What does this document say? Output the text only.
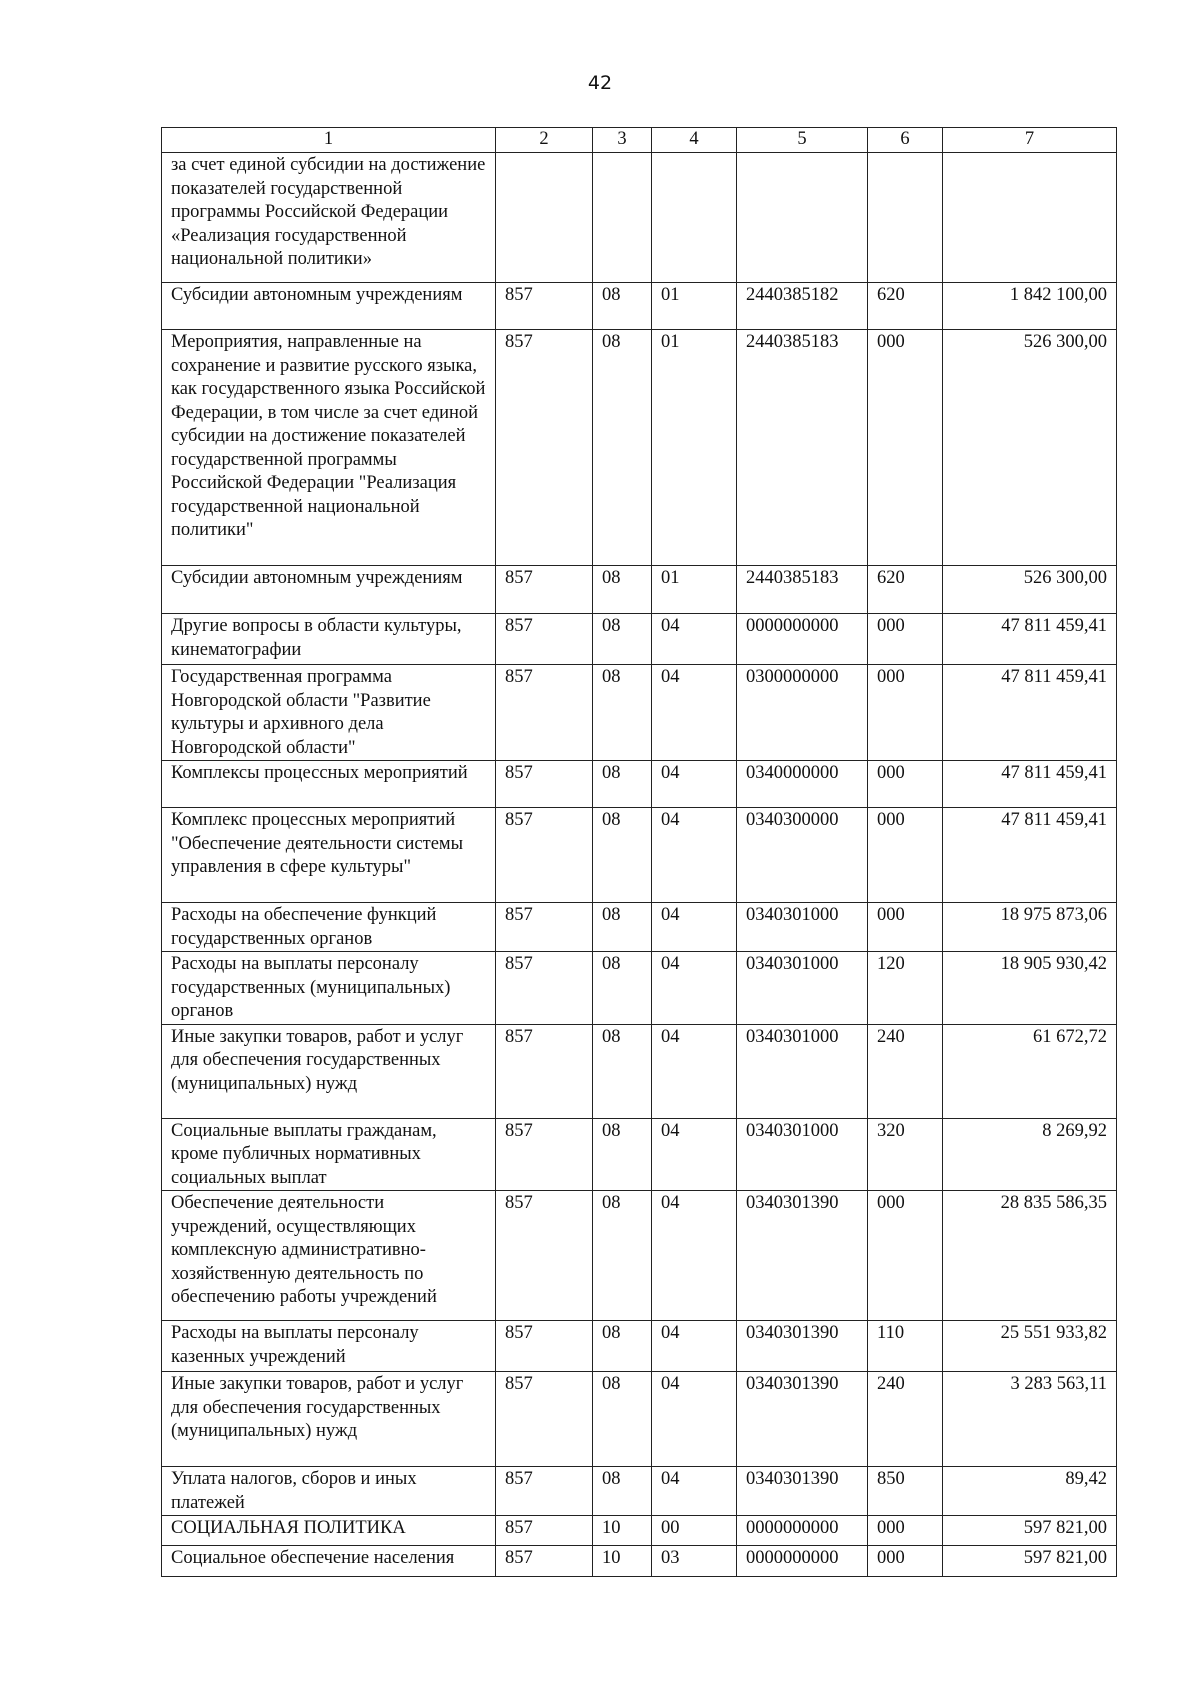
42
1	2	3	4	5	6	7
за счет единой субсидии на достижение показателей государственной программы Российской Федерации «Реализация государственной национальной политики»						
Субсидии автономным учреждениям	857	08	01	2440385182	620	1 842 100,00
Мероприятия, направленные на сохранение и развитие русского языка, как государственного языка Российской Федерации, в том числе за счет единой субсидии на достижение показателей государственной программы Российской Федерации "Реализация государственной национальной политики"	857	08	01	2440385183	000	526 300,00
Субсидии автономным учреждениям	857	08	01	2440385183	620	526 300,00
Другие вопросы в области культуры, кинематографии	857	08	04	0000000000	000	47 811 459,41
Государственная программа Новгородской области "Развитие культуры и архивного дела Новгородской области"	857	08	04	0300000000	000	47 811 459,41
Комплексы процессных мероприятий	857	08	04	0340000000	000	47 811 459,41
Комплекс процессных мероприятий "Обеспечение деятельности системы управления в сфере культуры"	857	08	04	0340300000	000	47 811 459,41
Расходы на обеспечение функций государственных органов	857	08	04	0340301000	000	18 975 873,06
Расходы на выплаты персоналу государственных (муниципальных) органов	857	08	04	0340301000	120	18 905 930,42
Иные закупки товаров, работ и услуг для обеспечения государственных (муниципальных) нужд	857	08	04	0340301000	240	61 672,72
Социальные выплаты гражданам, кроме публичных нормативных социальных выплат	857	08	04	0340301000	320	8 269,92
Обеспечение деятельности учреждений, осуществляющих комплексную административно-хозяйственную деятельность по обеспечению работы учреждений	857	08	04	0340301390	000	28 835 586,35
Расходы на выплаты персоналу казенных учреждений	857	08	04	0340301390	110	25 551 933,82
Иные закупки товаров, работ и услуг для обеспечения государственных (муниципальных) нужд	857	08	04	0340301390	240	3 283 563,11
Уплата налогов, сборов и иных платежей	857	08	04	0340301390	850	89,42
СОЦИАЛЬНАЯ ПОЛИТИКА	857	10	00	0000000000	000	597 821,00
Социальное обеспечение населения	857	10	03	0000000000	000	597 821,00
